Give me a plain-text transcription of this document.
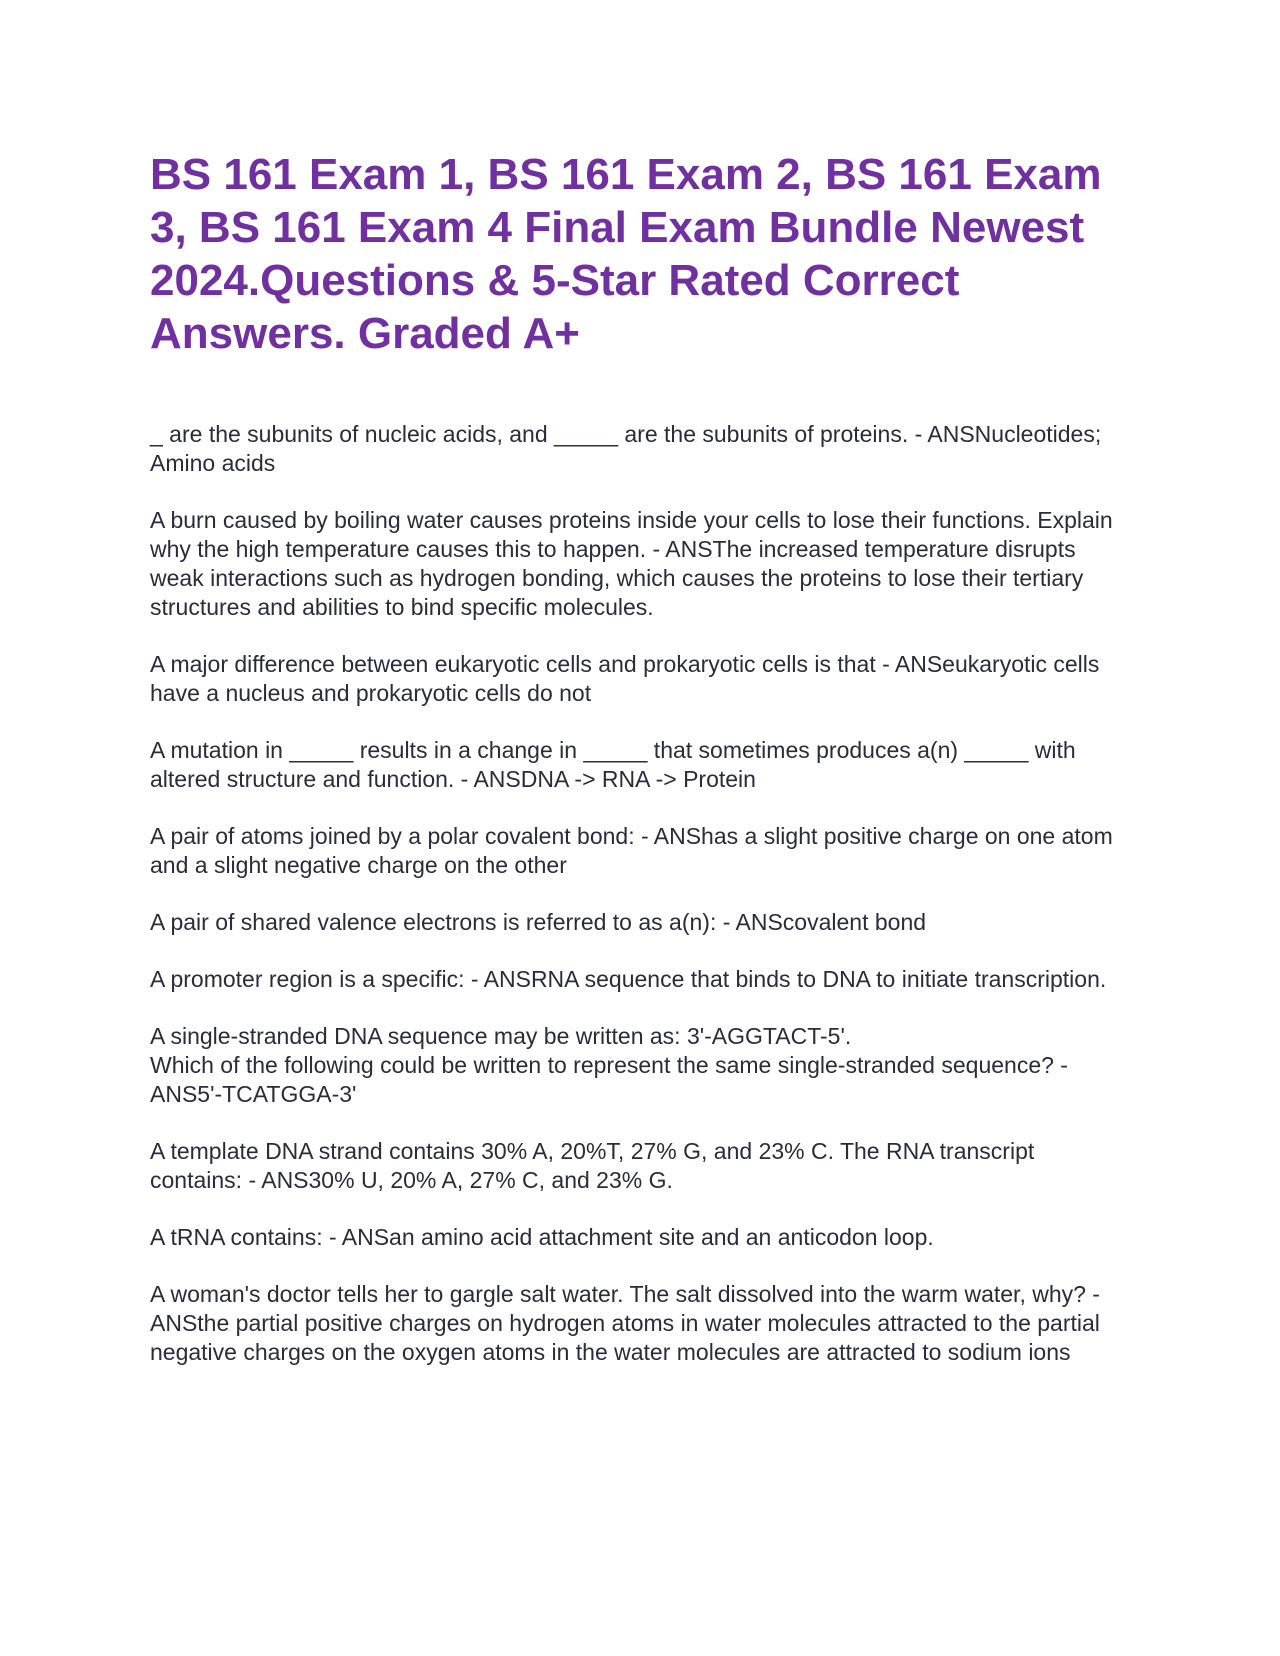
BS 161 Exam 1, BS 161 Exam 2, BS 161 Exam 3, BS 161 Exam 4 Final Exam Bundle Newest 2024.Questions & 5-Star Rated Correct Answers. Graded A+

_ are the subunits of nucleic acids, and _____ are the subunits of proteins. - ANSNucleotides; Amino acids

A burn caused by boiling water causes proteins inside your cells to lose their functions. Explain why the high temperature causes this to happen. - ANSThe increased temperature disrupts weak interactions such as hydrogen bonding, which causes the proteins to lose their tertiary structures and abilities to bind specific molecules.

A major difference between eukaryotic cells and prokaryotic cells is that - ANSeukaryotic cells have a nucleus and prokaryotic cells do not

A mutation in _____ results in a change in _____ that sometimes produces a(n) _____ with altered structure and function. - ANSDNA -> RNA -> Protein

A pair of atoms joined by a polar covalent bond: - ANShas a slight positive charge on one atom and a slight negative charge on the other

A pair of shared valence electrons is referred to as a(n): - ANScovalent bond

A promoter region is a specific: - ANSRNA sequence that binds to DNA to initiate transcription.

A single-stranded DNA sequence may be written as: 3'-AGGTACT-5'.
Which of the following could be written to represent the same single-stranded sequence? - ANS5'-TCATGGA-3'

A template DNA strand contains 30% A, 20%T, 27% G, and 23% C. The RNA transcript contains: - ANS30% U, 20% A, 27% C, and 23% G.

A tRNA contains: - ANSan amino acid attachment site and an anticodon loop.

A woman's doctor tells her to gargle salt water. The salt dissolved into the warm water, why? - ANSthe partial positive charges on hydrogen atoms in water molecules attracted to the partial negative charges on the oxygen atoms in the water molecules are attracted to sodium ions
